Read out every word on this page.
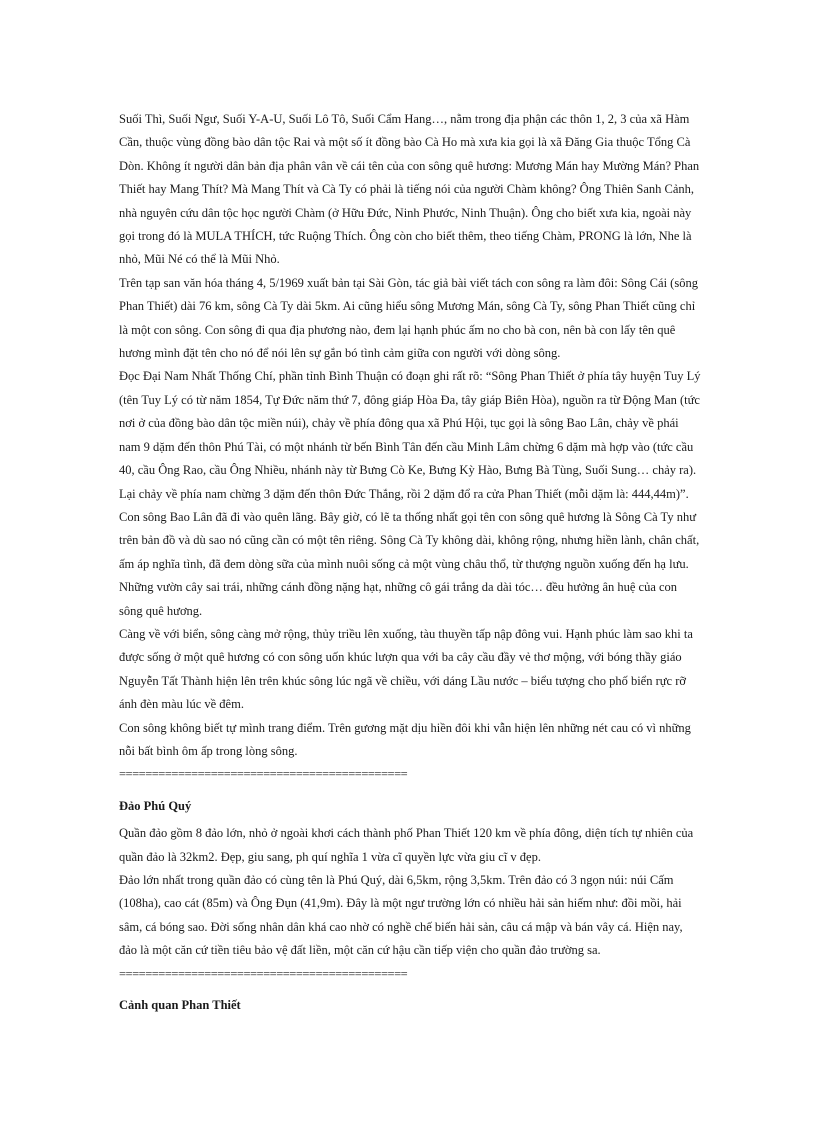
Suối Thì, Suối Ngư, Suối Y-A-U, Suối Lô Tô, Suối Cẩm Hang…, nằm trong địa phận các thôn 1, 2, 3 của xã Hàm Cần, thuộc vùng đồng bào dân tộc Rai và một số ít đồng bào Cà Ho mà xưa kia gọi là xã Đăng Gia thuộc Tổng Cà Dòn. Không ít người dân bản địa phân vân về cái tên của con sông quê hương: Mương Mán hay Mường Mán? Phan Thiết hay Mang Thít? Mà Mang Thít và Cà Ty có phải là tiếng nói của người Chàm không? Ông Thiên Sanh Cảnh, nhà nguyên cứu dân tộc học người Chàm (ở Hữu Đức, Ninh Phước, Ninh Thuận). Ông cho biết xưa kia, ngoài này gọi trong đó là MULA THÍCH, tức Ruộng Thích. Ông còn cho biết thêm, theo tiếng Chàm, PRONG là lớn, Nhe là nhỏ, Mũi Né có thể là Mũi Nhỏ.

Trên tạp san văn hóa tháng 4, 5/1969 xuất bản tại Sài Gòn, tác giả bài viết tách con sông ra làm đôi: Sông Cái (sông Phan Thiết) dài 76 km, sông Cà Ty dài 5km. Ai cũng hiểu sông Mương Mán, sông Cà Ty, sông Phan Thiết cũng chỉ là một con sông. Con sông đi qua địa phương nào, đem lại hạnh phúc ấm no cho bà con, nên bà con lấy tên quê hương mình đặt tên cho nó để nói lên sự gắn bó tình cảm giữa con người với dòng sông.

Đọc Đại Nam Nhất Thống Chí, phần tỉnh Bình Thuận có đoạn ghi rất rõ: “Sông Phan Thiết ở phía tây huyện Tuy Lý (tên Tuy Lý có từ năm 1854, Tự Đức năm thứ 7, đông giáp Hòa Đa, tây giáp Biên Hòa), nguồn ra từ Động Man (tức nơi ở của đồng bào dân tộc miền núi), chảy về phía đông qua xã Phú Hội, tục gọi là sông Bao Lân, chảy về phái nam 9 dặm đến thôn Phú Tài, có một nhánh từ bến Bình Tân đến cầu Minh Lâm chừng 6 dặm mà hợp vào (tức cầu 40, cầu Ông Rao, cầu Ông Nhiều, nhánh này từ Bưng Cò Ke, Bưng Kỳ Hào, Bưng Bà Tùng, Suối Sung… chảy ra). Lại chảy về phía nam chừng 3 dặm đến thôn Đức Thắng, rồi 2 dặm đổ ra cửa Phan Thiết (mỗi dặm là: 444,44m)”.

Con sông Bao Lân đã đi vào quên lãng. Bây giờ, có lẽ ta thống nhất gọi tên con sông quê hương là Sông Cà Ty như trên bản đồ và dù sao nó cũng cần có một tên riêng. Sông Cà Ty không dài, không rộng, nhưng hiền lành, chân chất, ấm áp nghĩa tình, đã đem dòng sữa của mình nuôi sống cả một vùng châu thổ, từ thượng nguồn xuống đến hạ lưu. Những vườn cây sai trái, những cánh đồng nặng hạt, những cô gái trắng da dài tóc… đều hưởng ân huệ của con sông quê hương.

Càng về với biển, sông càng mở rộng, thủy triều lên xuống, tàu thuyền tấp nập đông vui. Hạnh phúc làm sao khi ta được sống ở một quê hương có con sông uốn khúc lượn qua với ba cây cầu đầy vẻ thơ mộng, với bóng thầy giáo Nguyễn Tất Thành hiện lên trên khúc sông lúc ngã về chiều, với dáng Lầu nước – biểu tượng cho phố biển rực rỡ ánh đèn màu lúc về đêm.

Con sông không biết tự mình trang điểm. Trên gương mặt dịu hiền đôi khi vẫn hiện lên những nét cau có vì những nỗi bất bình ôm ấp trong lòng sông.

============================================

Đảo Phú Quý

Quần đảo gồm 8 đảo lớn, nhỏ ở ngoài khơi cách thành phố Phan Thiết 120 km về phía đông, diện tích tự nhiên của quần đảo là 32km2. Đẹp, giu sang, ph quí nghĩa 1 vừa cĩ quyền lực vừa giu cĩ v đẹp.

Đảo lớn nhất trong quần đảo có cùng tên là Phú Quý, dài 6,5km, rộng 3,5km. Trên đảo có 3 ngọn núi: núi Cấm (108ha), cao cát (85m) và Ông Đụn (41,9m). Đây là một ngư trường lớn có nhiều hải sản hiếm như: đồi mồi, hải sâm, cá bóng sao. Đời sống nhân dân khá cao nhờ có nghề chế biến hải sản, câu cá mập và bán vây cá. Hiện nay, đảo là một căn cứ tiền tiêu bảo vệ đất liền, một căn cứ hậu cần tiếp viện cho quần đảo trường sa.

============================================

Cảnh quan Phan Thiết
